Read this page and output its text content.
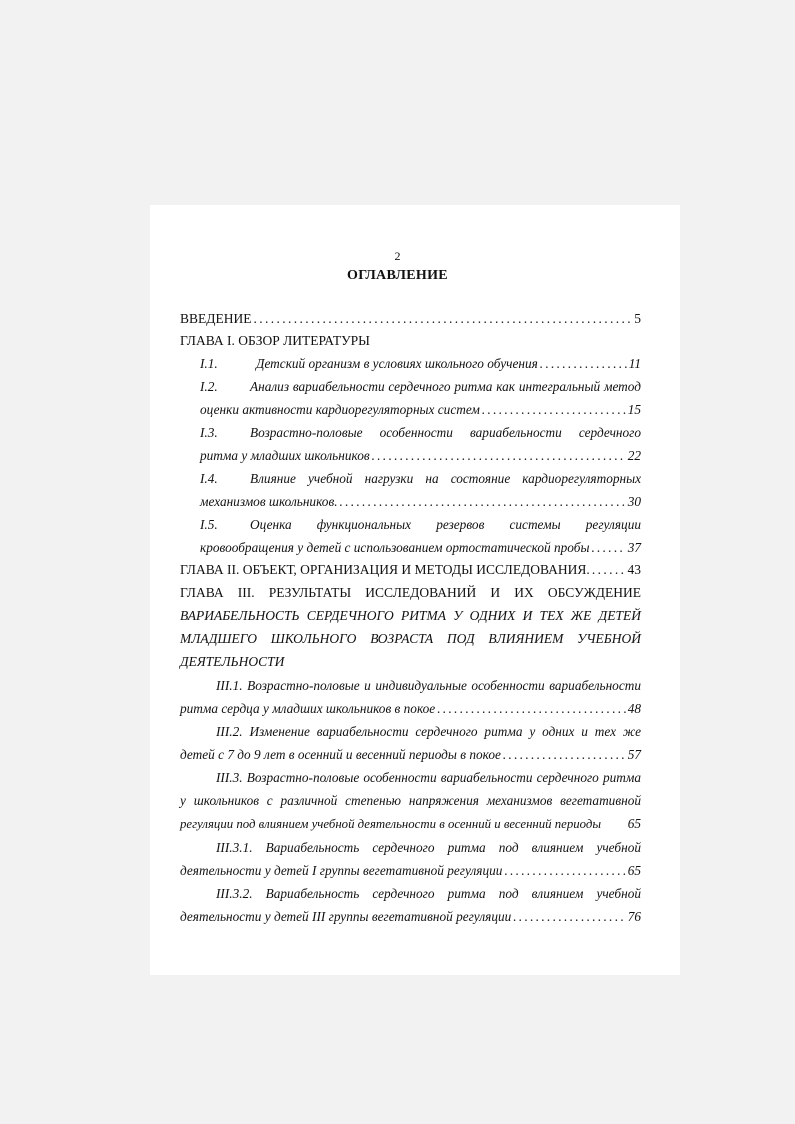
2
ОГЛАВЛЕНИЕ
ВВЕДЕНИЕ . . .	5
ГЛАВА I. ОБЗОР ЛИТЕРАТУРЫ
I.1.	Детский организм в условиях школьного обучения . . .	11
I.2. Анализ вариабельности сердечного ритма как интегральный метод
оценки активности кардиорегуляторных систем . . .	15
I.3. Возрастно-половые особенности вариабельности сердечного
ритма у младших школьников . . .	22
I.4. Влияние учебной нагрузки на состояние кардиорегуляторных
механизмов школьников. . . .	30
I.5. Оценка функциональных резервов системы регуляции
кровообращения у детей с использованием ортостатической пробы . . .	37
ГЛАВА II. ОБЪЕКТ, ОРГАНИЗАЦИЯ И МЕТОДЫ ИССЛЕДОВАНИЯ. . . .	43
ГЛАВА III. РЕЗУЛЬТАТЫ ИССЛЕДОВАНИЙ И ИХ ОБСУЖДЕНИЕ
ВАРИАБЕЛЬНОСТЬ СЕРДЕЧНОГО РИТМА У ОДНИХ И ТЕХ ЖЕ ДЕТЕЙ
МЛАДШЕГО ШКОЛЬНОГО ВОЗРАСТА ПОД ВЛИЯНИЕМ УЧЕБНОЙ
ДЕЯТЕЛЬНОСТИ
III.1. Возрастно-половые и индивидуальные особенности вариабельности
ритма сердца у младших школьников в покое . . .	48
III.2. Изменение вариабельности сердечного ритма у одних и тех же
детей с 7 до 9 лет в осенний и весенний периоды в покое . . .	57
III.3. Возрастно-половые особенности вариабельности сердечного ритма
у школьников с различной степенью напряжения механизмов вегетативной
регуляции под влиянием учебной деятельности в осенний и весенний периоды 65
III.3.1. Вариабельность сердечного ритма под влиянием учебной
деятельности у детей I группы вегетативной регуляции . . .	65
III.3.2. Вариабельность сердечного ритма под влиянием учебной
деятельности у детей III группы вегетативной регуляции . . .	76
